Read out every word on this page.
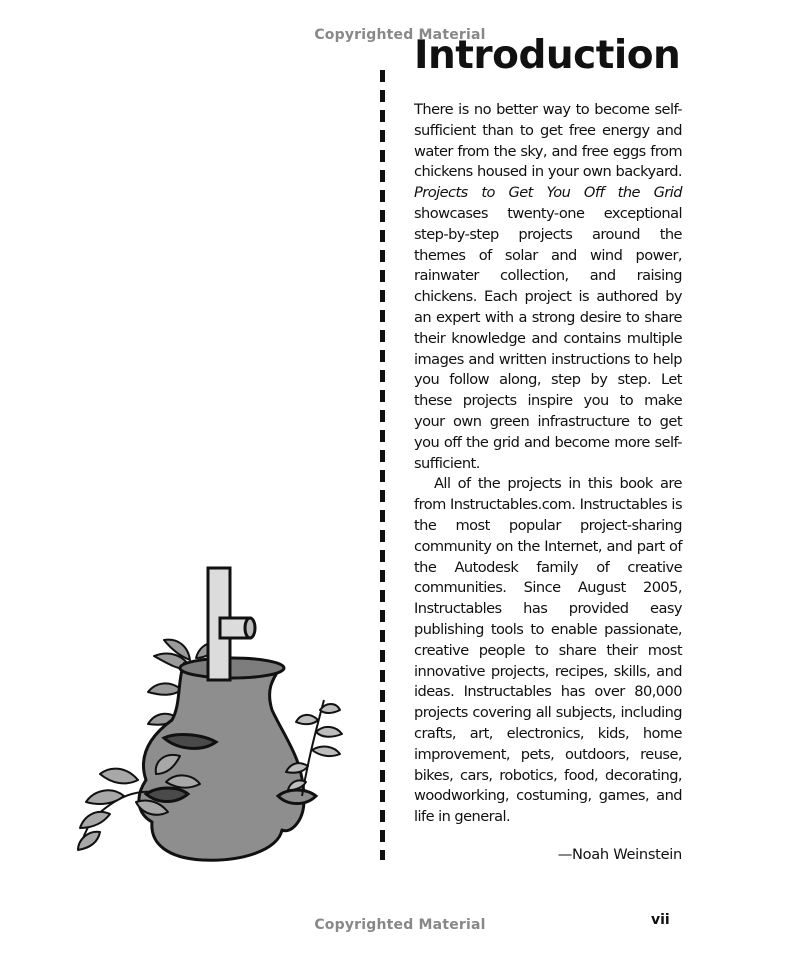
Copyrighted Material
Introduction

There is no better way to become self-sufficient than to get free energy and water from the sky, and free eggs from chickens housed in your own backyard. Projects to Get You Off the Grid showcases twenty-one exceptional step-by-step projects around the themes of solar and wind power, rainwater collection, and raising chickens. Each project is authored by an expert with a strong desire to share their knowledge and contains multiple images and written instructions to help you follow along, step by step. Let these projects inspire you to make your own green infrastructure to get you off the grid and become more self-sufficient.

All of the projects in this book are from Instructables.com. Instructables is the most popular project-sharing community on the Internet, and part of the Autodesk family of creative communities. Since August 2005, Instructables has provided easy publishing tools to enable passionate, creative people to share their most innovative projects, recipes, skills, and ideas. Instructables has over 80,000 projects covering all subjects, including crafts, art, electronics, kids, home improvement, pets, outdoors, reuse, bikes, cars, robotics, food, decorating, woodworking, costuming, games, and life in general.

—Noah Weinstein
Copyrighted Material	vii
